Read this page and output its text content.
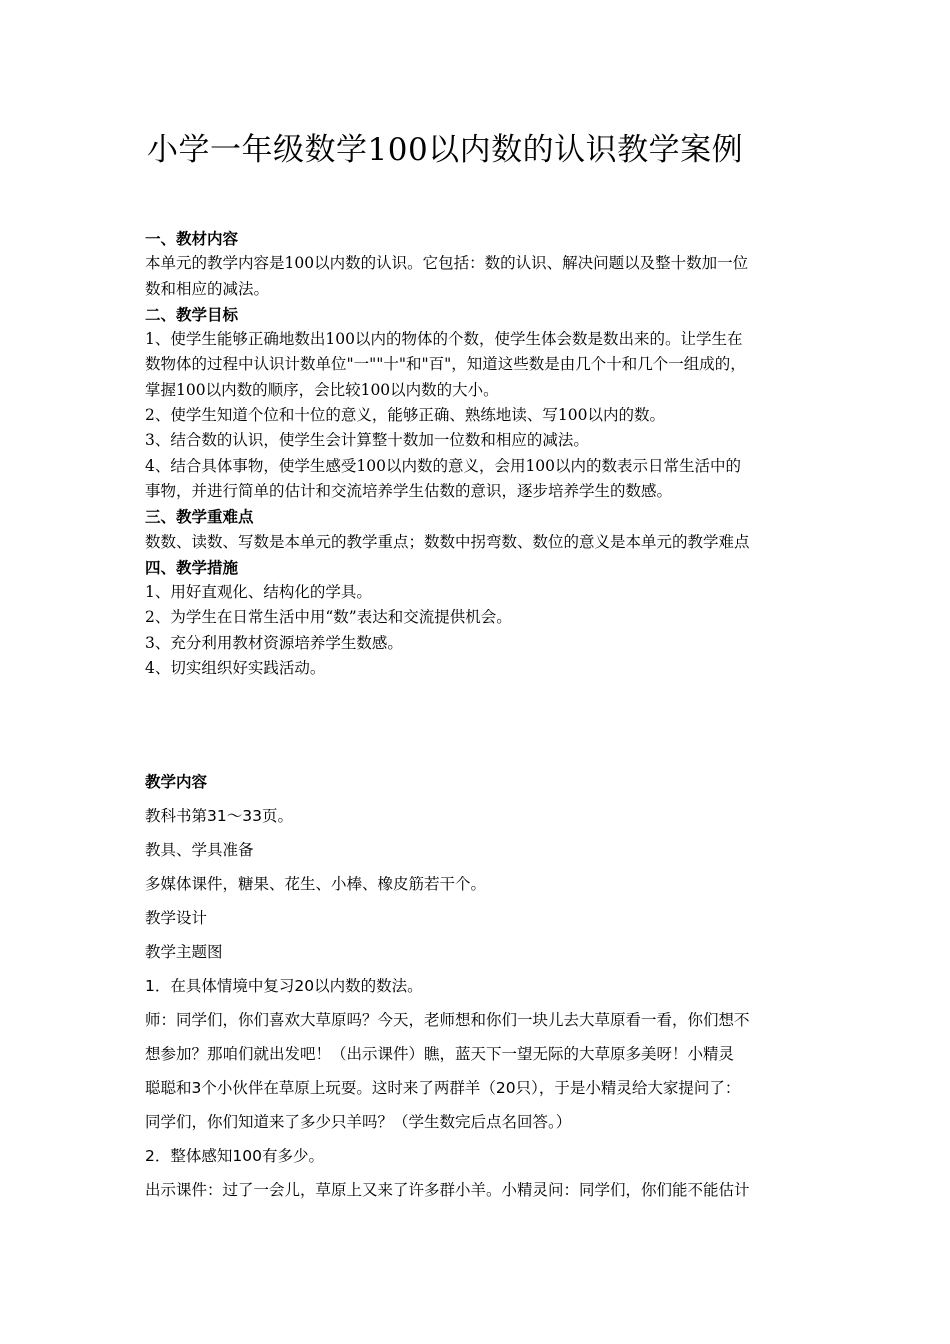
小学一年级数学100以内数的认识教学案例
一、教材内容
本单元的教学内容是100以内数的认识。它包括：数的认识、解决问题以及整十数加一位
数和相应的减法。
二、教学目标
1、使学生能够正确地数出100以内的物体的个数，使学生体会数是数出来的。让学生在
数物体的过程中认识计数单位"一""十"和"百"，知道这些数是由几个十和几个一组成的，
掌握100以内数的顺序，会比较100以内数的大小。
2、使学生知道个位和十位的意义，能够正确、熟练地读、写100以内的数。
3、结合数的认识，使学生会计算整十数加一位数和相应的减法。
4、结合具体事物，使学生感受100以内数的意义，会用100以内的数表示日常生活中的
事物，并进行简单的估计和交流培养学生估数的意识，逐步培养学生的数感。
三、教学重难点
数数、读数、写数是本单元的教学重点；数数中拐弯数、数位的意义是本单元的教学难点
四、教学措施
1、用好直观化、结构化的学具。
2、为学生在日常生活中用“数”表达和交流提供机会。
3、充分利用教材资源培养学生数感。
4、切实组织好实践活动。
教学内容
教科书第31～33页。
教具、学具准备
多媒体课件，糖果、花生、小棒、橡皮筋若干个。
教学设计
教学主题图
1．在具体情境中复习20以内数的数法。
师：同学们，你们喜欢大草原吗？今天，老师想和你们一块儿去大草原看一看，你们想不
想参加？那咱们就出发吧！（出示课件）瞧，蓝天下一望无际的大草原多美呀！小精灵
聪聪和3个小伙伴在草原上玩耍。这时来了两群羊（20只），于是小精灵给大家提问了：
同学们，你们知道来了多少只羊吗？（学生数完后点名回答。）
2．整体感知100有多少。
出示课件：过了一会儿，草原上又来了许多群小羊。小精灵问：同学们，你们能不能估计
